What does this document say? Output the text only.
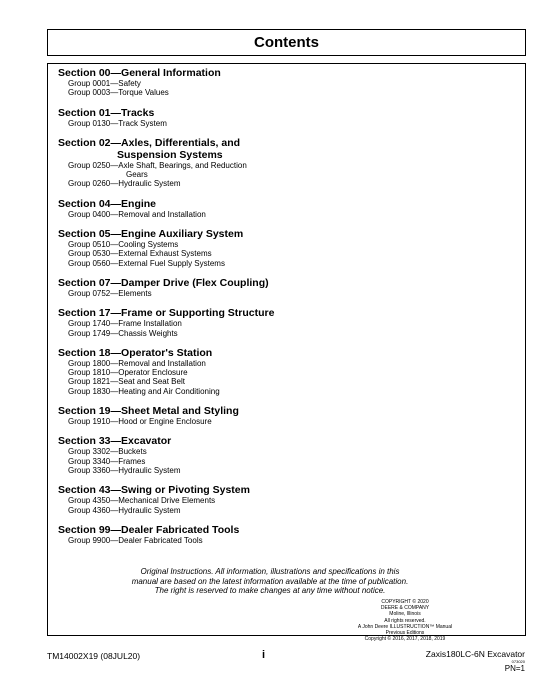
Contents
Section 00—General Information
Group 0001—Safety
Group 0003—Torque Values
Section 01—Tracks
Group 0130—Track System
Section 02—Axles, Differentials, and
Suspension Systems
Group 0250—Axle Shaft, Bearings, and Reduction
Gears
Group 0260—Hydraulic System
Section 04—Engine
Group 0400—Removal and Installation
Section 05—Engine Auxiliary System
Group 0510—Cooling Systems
Group 0530—External Exhaust Systems
Group 0560—External Fuel Supply Systems
Section 07—Damper Drive (Flex Coupling)
Group 0752—Elements
Section 17—Frame or Supporting Structure
Group 1740—Frame Installation
Group 1749—Chassis Weights
Section 18—Operator's Station
Group 1800—Removal and Installation
Group 1810—Operator Enclosure
Group 1821—Seat and Seat Belt
Group 1830—Heating and Air Conditioning
Section 19—Sheet Metal and Styling
Group 1910—Hood or Engine Enclosure
Section 33—Excavator
Group 3302—Buckets
Group 3340—Frames
Group 3360—Hydraulic System
Section 43—Swing or Pivoting System
Group 4350—Mechanical Drive Elements
Group 4360—Hydraulic System
Section 99—Dealer Fabricated Tools
Group 9900—Dealer Fabricated Tools
Original Instructions. All information, illustrations and specifications in this
manual are based on the latest information available at the time of publication.
The right is reserved to make changes at any time without notice.
COPYRIGHT © 2020
DEERE & COMPANY
Moline, Illinois
All rights reserved.
A John Deere ILLUSTRUCTION™ Manual
Previous Editions
Copyright © 2016, 2017, 2018, 2019
TM14002X19 (08JUL20)	i	Zaxis180LC-6N Excavator
073020
PN=1
